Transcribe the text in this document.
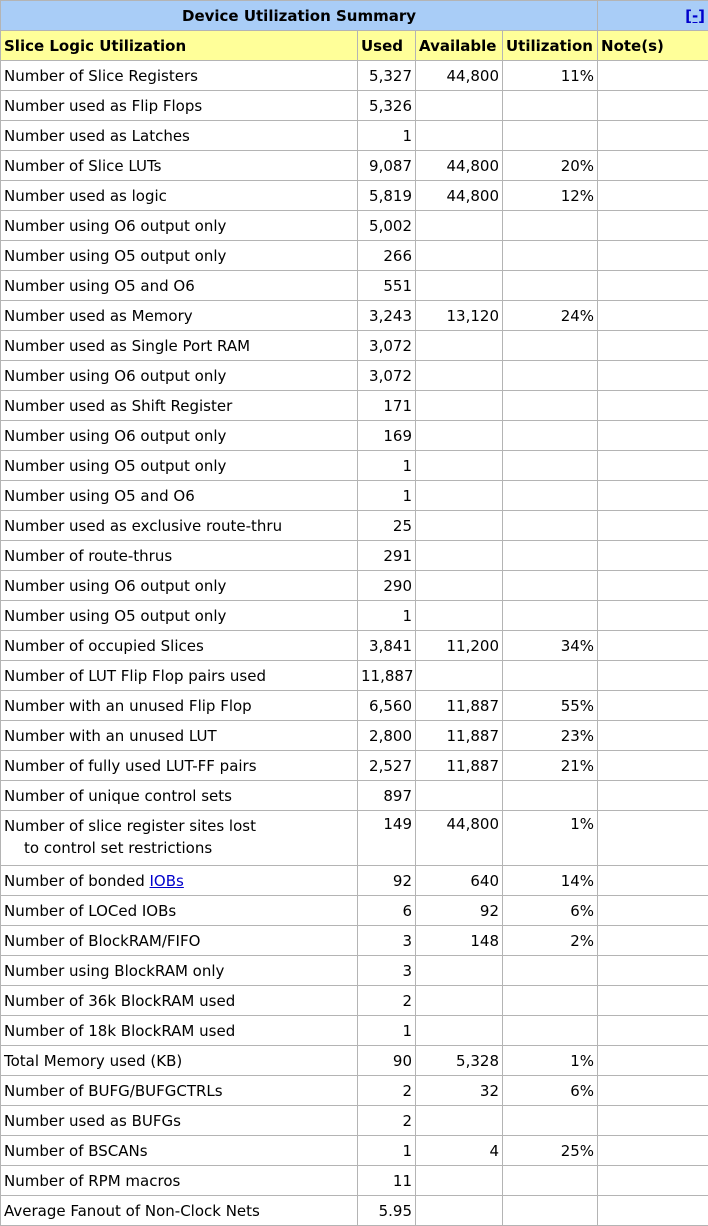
Device Utilization Summary				[-]

Slice Logic Utilization	Used	Available	Utilization	Note(s)
Number of Slice Registers	5,327	44,800	11%	
Number used as Flip Flops	5,326			
Number used as Latches	1			
Number of Slice LUTs	9,087	44,800	20%	
Number used as logic	5,819	44,800	12%	
Number using O6 output only	5,002			
Number using O5 output only	266			
Number using O5 and O6	551			
Number used as Memory	3,243	13,120	24%	
Number used as Single Port RAM	3,072			
Number using O6 output only	3,072			
Number used as Shift Register	171			
Number using O6 output only	169			
Number using O5 output only	1			
Number using O5 and O6	1			
Number used as exclusive route-thru	25			
Number of route-thrus	291			
Number using O6 output only	290			
Number using O5 output only	1			
Number of occupied Slices	3,841	11,200	34%	
Number of LUT Flip Flop pairs used	11,887			
Number with an unused Flip Flop	6,560	11,887	55%	
Number with an unused LUT	2,800	11,887	23%	
Number of fully used LUT-FF pairs	2,527	11,887	21%	
Number of unique control sets	897			
Number of slice register sites lost
to control set restrictions	149	44,800	1%	
Number of bonded IOBs	92	640	14%	
Number of LOCed IOBs	6	92	6%	
Number of BlockRAM/FIFO	3	148	2%	
Number using BlockRAM only	3			
Number of 36k BlockRAM used	2			
Number of 18k BlockRAM used	1			
Total Memory used (KB)	90	5,328	1%	
Number of BUFG/BUFGCTRLs	2	32	6%	
Number used as BUFGs	2			
Number of BSCANs	1	4	25%	
Number of RPM macros	11			
Average Fanout of Non-Clock Nets	5.95			
